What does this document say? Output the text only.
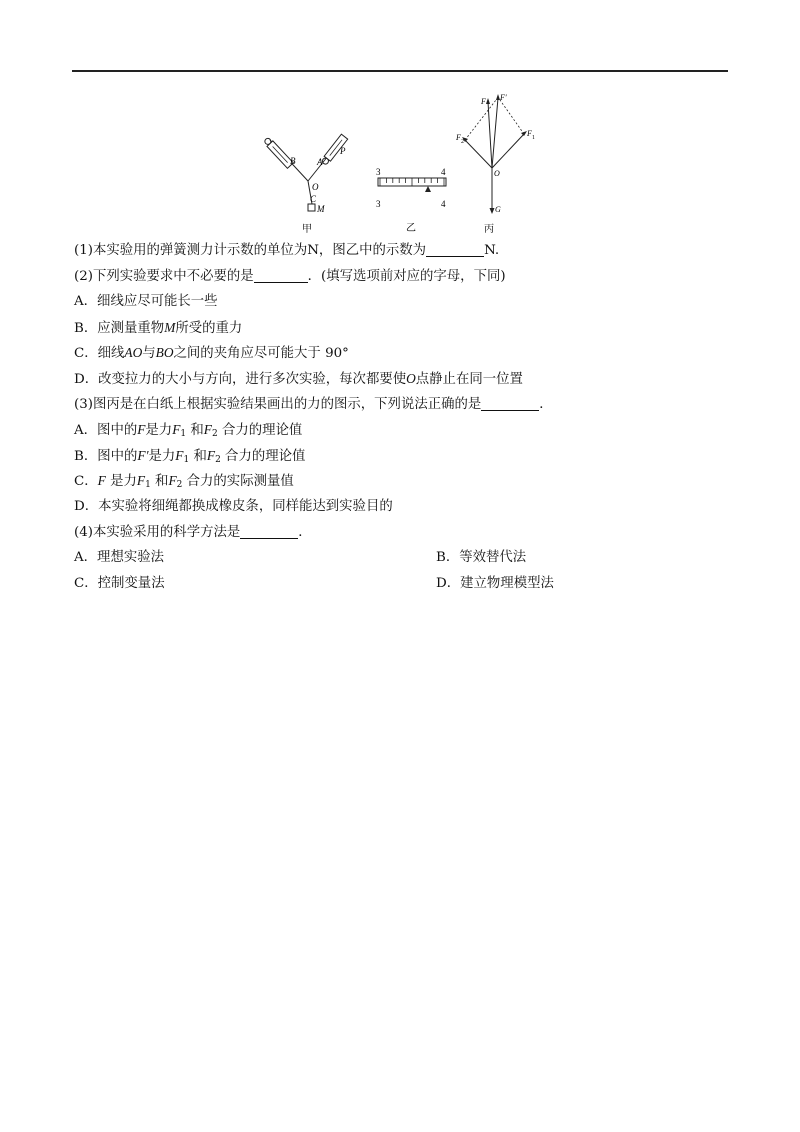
B A
P
O
C
M
甲
3	4
3	4
乙
F F′
F 2
F 1
O
G
丙
(1)本实验用的弹簧测力计示数的单位为N，图乙中的示数为	N.
(2)下列实验要求中不必要的是	．(填写选项前对应的字母，下同)
A．细线应尽可能长一些
B．应测量重物M所受的重力
C．细线AO与BO之间的夹角应尽可能大于 90°
D．改变拉力的大小与方向，进行多次实验，每次都要使O点静止在同一位置
(3)图丙是在白纸上根据实验结果画出的力的图示，下列说法正确的是	．
A．图中的F是力$F_1$ 和$F_2$ 合力的理论值
B．图中的F′是力$F_1$ 和$F_2$ 合力的理论值
C．F 是力$F_1$ 和$F_2$ 合力的实际测量值
D．本实验将细绳都换成橡皮条，同样能达到实验目的
(4)本实验采用的科学方法是	．
A．理想实验法	B．等效替代法
C．控制变量法	D．建立物理模型法
